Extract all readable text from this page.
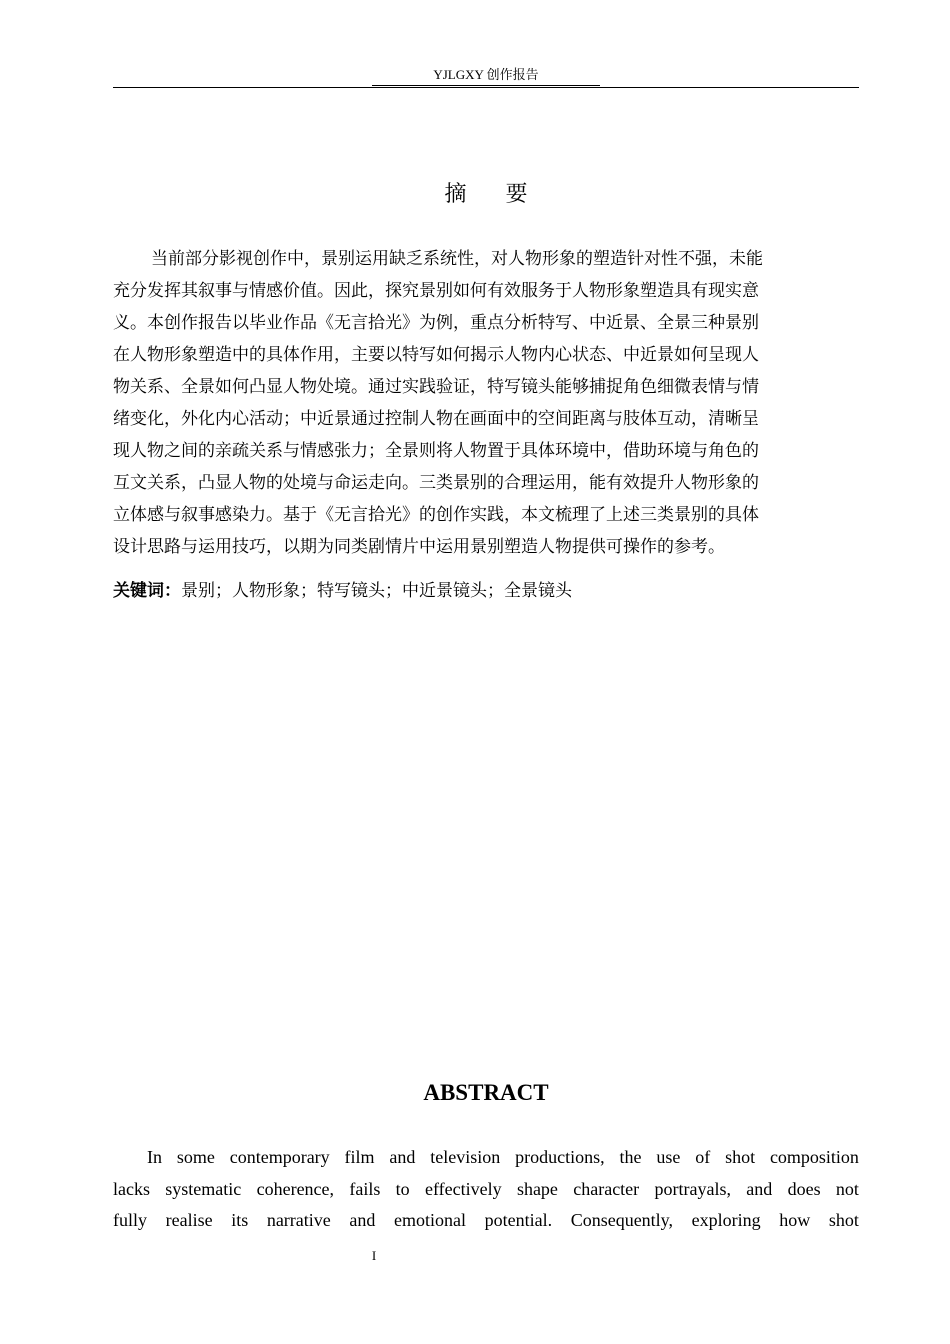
YJLGXY 创作报告
摘 要
当前部分影视创作中，景别运用缺乏系统性，对人物形象的塑造针对性不强，未能
充分发挥其叙事与情感价值。因此，探究景别如何有效服务于人物形象塑造具有现实意
义。本创作报告以毕业作品《无言拾光》为例，重点分析特写、中近景、全景三种景别
在人物形象塑造中的具体作用，主要以特写如何揭示人物内心状态、中近景如何呈现人
物关系、全景如何凸显人物处境。通过实践验证，特写镜头能够捕捉角色细微表情与情
绪变化，外化内心活动；中近景通过控制人物在画面中的空间距离与肢体互动，清晰呈
现人物之间的亲疏关系与情感张力；全景则将人物置于具体环境中，借助环境与角色的
互文关系，凸显人物的处境与命运走向。三类景别的合理运用，能有效提升人物形象的
立体感与叙事感染力。基于《无言拾光》的创作实践，本文梳理了上述三类景别的具体
设计思路与运用技巧，以期为同类剧情片中运用景别塑造人物提供可操作的参考。
关键词：景别；人物形象；特写镜头；中近景镜头；全景镜头
ABSTRACT
In some contemporary film and television productions, the use of shot composition
lacks systematic coherence, fails to effectively shape character portrayals, and does not
fully realise its narrative and emotional potential. Consequently, exploring how shot
I
